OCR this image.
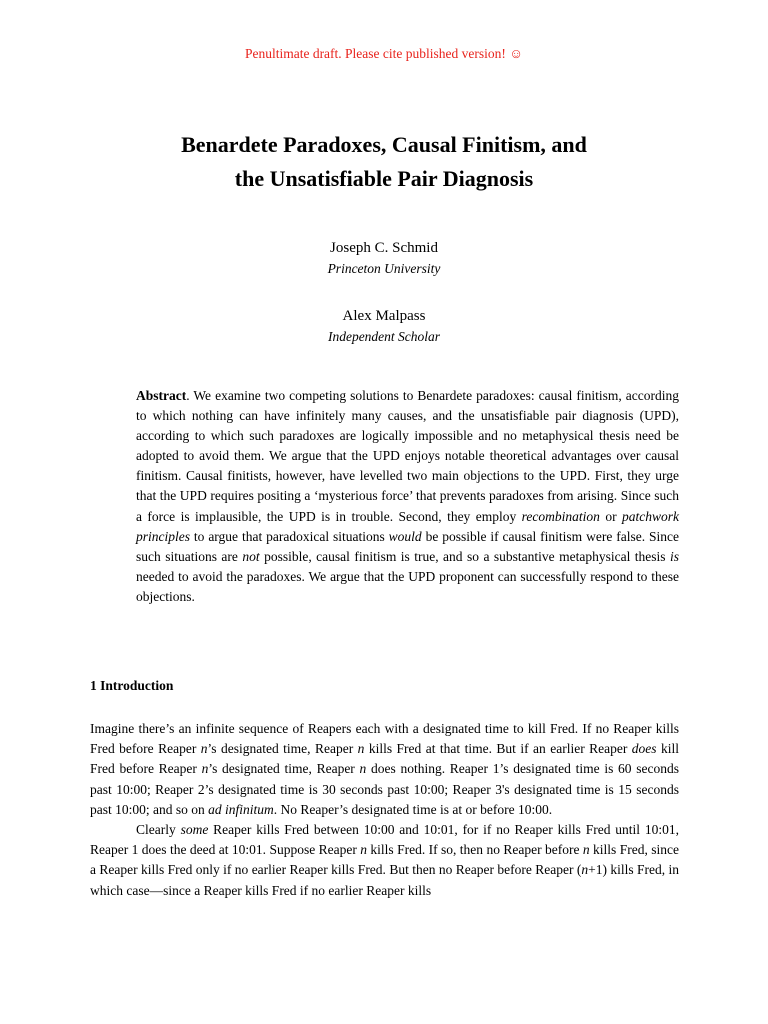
Penultimate draft. Please cite published version! ☺
Benardete Paradoxes, Causal Finitism, and
the Unsatisfiable Pair Diagnosis
Joseph C. Schmid
Princeton University
Alex Malpass
Independent Scholar
Abstract. We examine two competing solutions to Benardete paradoxes: causal finitism, according to which nothing can have infinitely many causes, and the unsatisfiable pair diagnosis (UPD), according to which such paradoxes are logically impossible and no metaphysical thesis need be adopted to avoid them. We argue that the UPD enjoys notable theoretical advantages over causal finitism. Causal finitists, however, have levelled two main objections to the UPD. First, they urge that the UPD requires positing a ‘mysterious force’ that prevents paradoxes from arising. Since such a force is implausible, the UPD is in trouble. Second, they employ recombination or patchwork principles to argue that paradoxical situations would be possible if causal finitism were false. Since such situations are not possible, causal finitism is true, and so a substantive metaphysical thesis is needed to avoid the paradoxes. We argue that the UPD proponent can successfully respond to these objections.
1 Introduction

Imagine there’s an infinite sequence of Reapers each with a designated time to kill Fred. If no Reaper kills Fred before Reaper n’s designated time, Reaper n kills Fred at that time. But if an earlier Reaper does kill Fred before Reaper n’s designated time, Reaper n does nothing. Reaper 1’s designated time is 60 seconds past 10:00; Reaper 2’s designated time is 30 seconds past 10:00; Reaper 3's designated time is 15 seconds past 10:00; and so on ad infinitum. No Reaper’s designated time is at or before 10:00.

Clearly some Reaper kills Fred between 10:00 and 10:01, for if no Reaper kills Fred until 10:01, Reaper 1 does the deed at 10:01. Suppose Reaper n kills Fred. If so, then no Reaper before n kills Fred, since a Reaper kills Fred only if no earlier Reaper kills Fred. But then no Reaper before Reaper (n+1) kills Fred, in which case—since a Reaper kills Fred if no earlier Reaper kills
